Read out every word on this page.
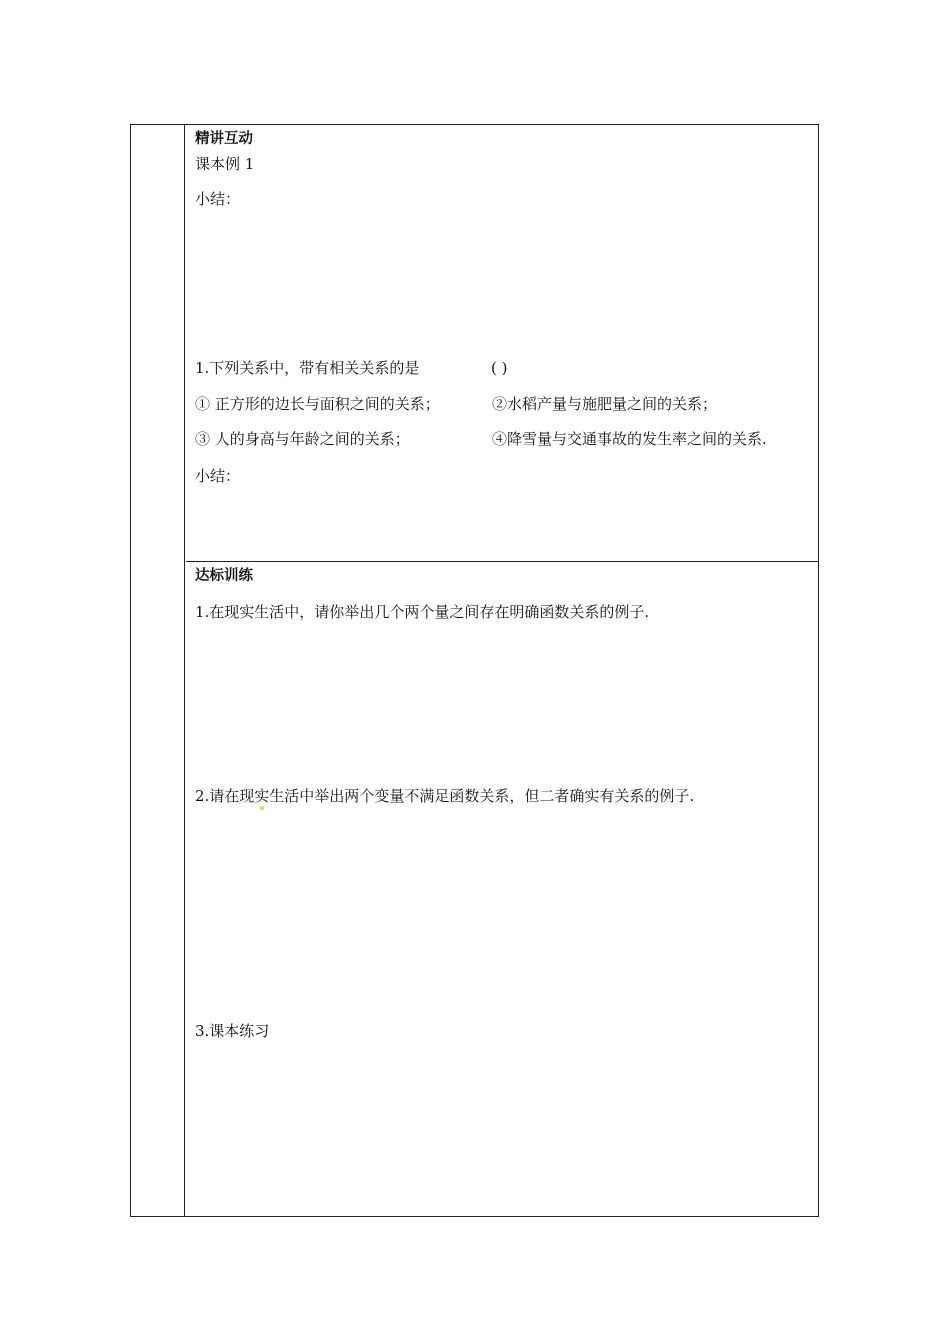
精讲互动
课本例 1
小结：
1.下列关系中，带有相关关系的是	( )
① 正方形的边长与面积之间的关系；	②水稻产量与施肥量之间的关系；
③ 人的身高与年龄之间的关系；	④降雪量与交通事故的发生率之间的关系.
小结：
达标训练
1.在现实生活中，请你举出几个两个量之间存在明确函数关系的例子.
2.请在现实生活中举出两个变量不满足函数关系，但二者确实有关系的例子.
3.课本练习
